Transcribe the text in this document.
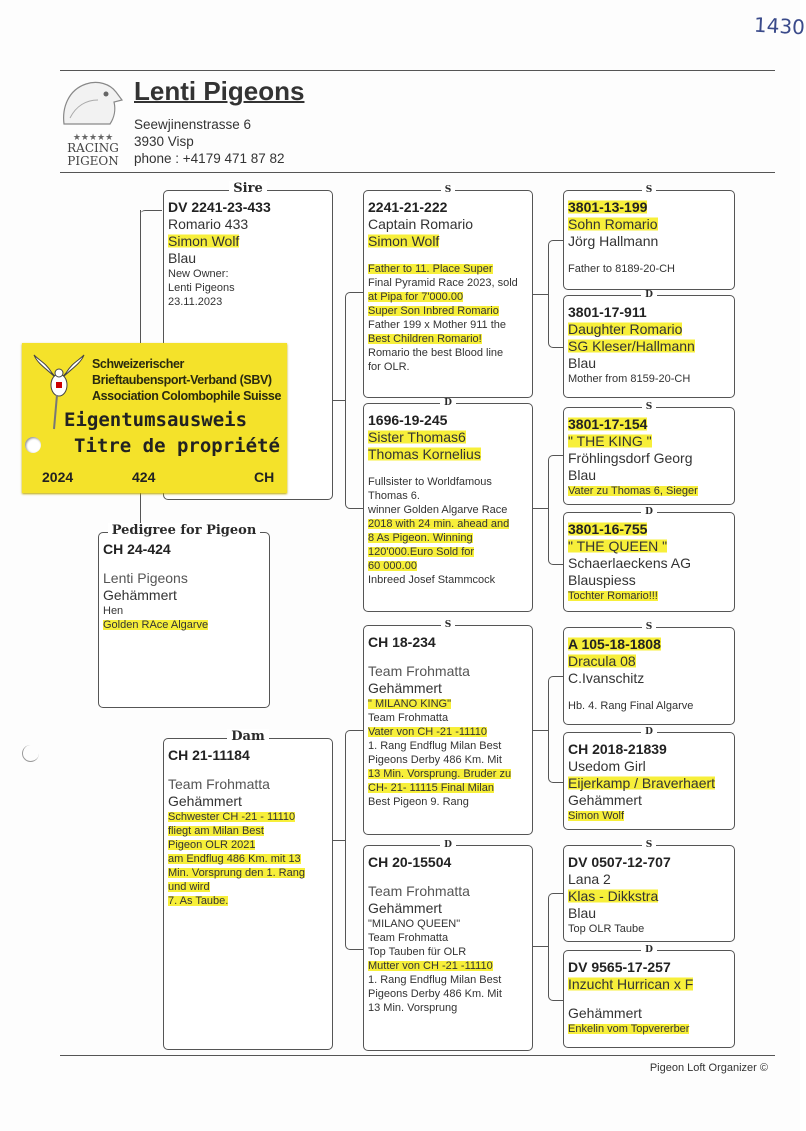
1430
★★★★★
RACING
PIGEON
Lenti Pigeons
Seewjinenstrasse 6
3930 Visp
phone : +4179 471 87 82
Sire
DV 2241-23-433
Romario 433
Simon Wolf
Blau
New Owner:
Lenti Pigeons
23.11.2023
Pedigree for Pigeon
CH 24-424
Lenti Pigeons
Gehämmert
Hen
Golden RAce Algarve
Dam
CH 21-11184
Team Frohmatta
Gehämmert
Schwester CH -21 - 11110
fliegt am Milan Best
Pigeon OLR 2021
am Endflug 486 Km. mit 13
Min. Vorsprung den 1. Rang
und wird
7. As Taube.
S
2241-21-222
Captain Romario
Simon Wolf
Father to 11. Place Super
Final Pyramid Race 2023, sold
at Pipa for 7'000.00
Super Son Inbred Romario
Father 199 x Mother 911 the
Best Children Romario!
Romario the best Blood line
for OLR.
D
1696-19-245
Sister Thomas6
Thomas Kornelius
Fullsister to Worldfamous
Thomas 6.
winner Golden Algarve Race
2018 with 24 min. ahead and
8 As Pigeon. Winning
120'000.Euro Sold for
60 000.00
Inbreed Josef Stammcock
S
CH 18-234
Team Frohmatta
Gehämmert
" MILANO KING"
Team Frohmatta
Vater von CH -21 -11110
1. Rang Endflug Milan Best
Pigeons Derby 486 Km. Mit
13 Min. Vorsprung. Bruder zu
CH- 21- 11115 Final Milan
Best Pigeon 9. Rang
D
CH 20-15504
Team Frohmatta
Gehämmert
"MILANO QUEEN"
Team Frohmatta
Top Tauben für OLR
Mutter von CH -21 -11110
1. Rang Endflug Milan Best
Pigeons Derby 486 Km. Mit
13 Min. Vorsprung
S
3801-13-199
Sohn Romario
Jörg Hallmann
Father to 8189-20-CH
D
3801-17-911
Daughter Romario
SG Kleser/Hallmann
Blau
Mother from 8159-20-CH
S
3801-17-154
" THE KING "
Fröhlingsdorf Georg
Blau
Vater zu Thomas 6, Sieger
D
3801-16-755
" THE QUEEN "
Schaerlaeckens AG
Blauspiess
Tochter Romario!!!
S
A 105-18-1808
Dracula 08
C.Ivanschitz
Hb. 4. Rang Final Algarve
D
CH 2018-21839
Usedom Girl
Eijerkamp / Braverhaert
Gehämmert
Simon Wolf
S
DV 0507-12-707
Lana 2
Klas - Dikkstra
Blau
Top OLR Taube
D
DV 9565-17-257
Inzucht Hurrican x F
Gehämmert
Enkelin vom Topvererber
Schweizerischer
Brieftaubensport-Verband (SBV)
Association Colombophile Suisse
Eigentumsausweis
Titre de propriété
2024	424	CH
Pigeon Loft Organizer ©
